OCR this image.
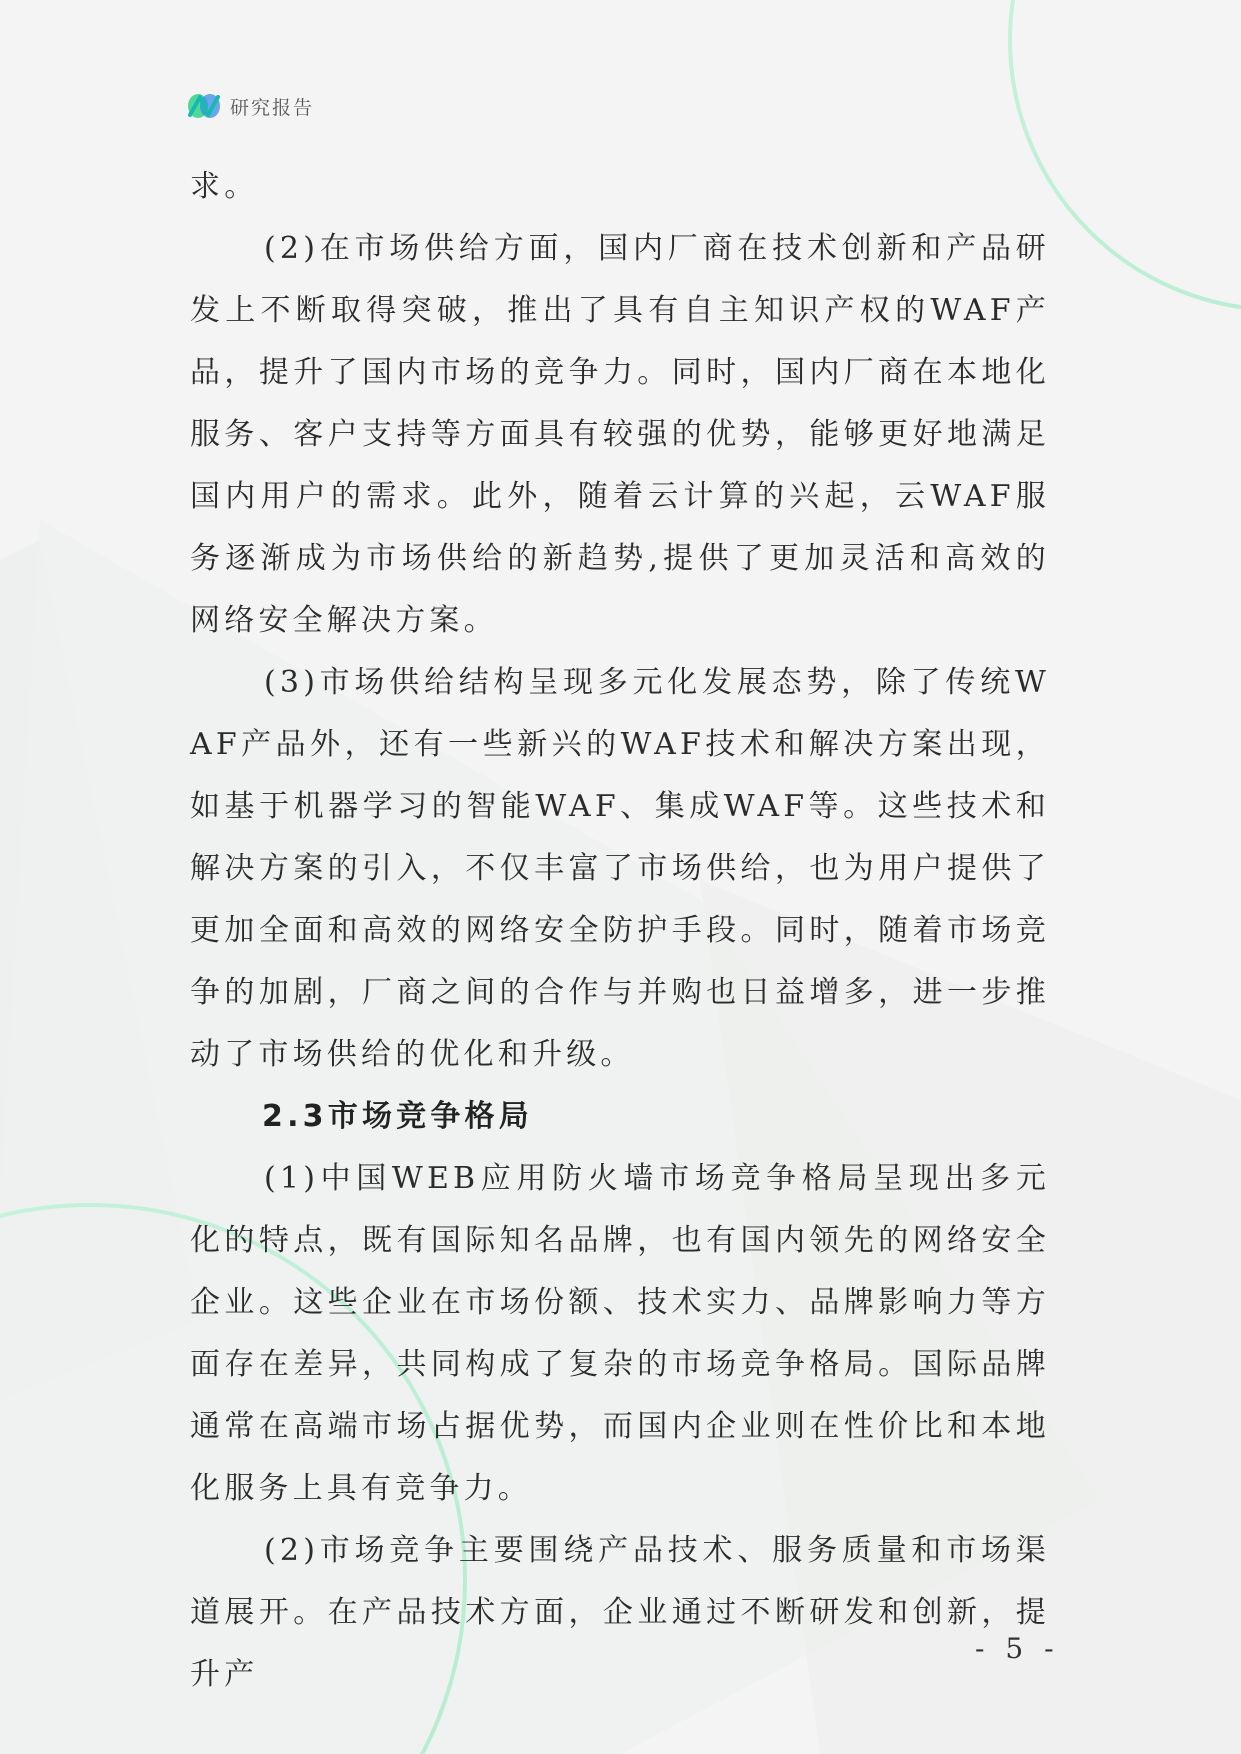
研究报告

求。

(2)在市场供给方面，国内厂商在技术创新和产品研发上不断取得突破，推出了具有自主知识产权的WAF产品，提升了国内市场的竞争力。同时，国内厂商在本地化服务、客户支持等方面具有较强的优势，能够更好地满足国内用户的需求。此外，随着云计算的兴起，云WAF服务逐渐成为市场供给的新趋势,提供了更加灵活和高效的网络安全解决方案。

(3)市场供给结构呈现多元化发展态势，除了传统WAF产品外，还有一些新兴的WAF技术和解决方案出现，如基于机器学习的智能WAF、集成WAF等。这些技术和解决方案的引入，不仅丰富了市场供给，也为用户提供了更加全面和高效的网络安全防护手段。同时，随着市场竞争的加剧，厂商之间的合作与并购也日益增多，进一步推动了市场供给的优化和升级。

2.3市场竞争格局

(1)中国WEB应用防火墙市场竞争格局呈现出多元化的特点，既有国际知名品牌，也有国内领先的网络安全企业。这些企业在市场份额、技术实力、品牌影响力等方面存在差异，共同构成了复杂的市场竞争格局。国际品牌通常在高端市场占据优势，而国内企业则在性价比和本地化服务上具有竞争力。

(2)市场竞争主要围绕产品技术、服务质量和市场渠道展开。在产品技术方面，企业通过不断研发和创新，提升产

- 5 -
